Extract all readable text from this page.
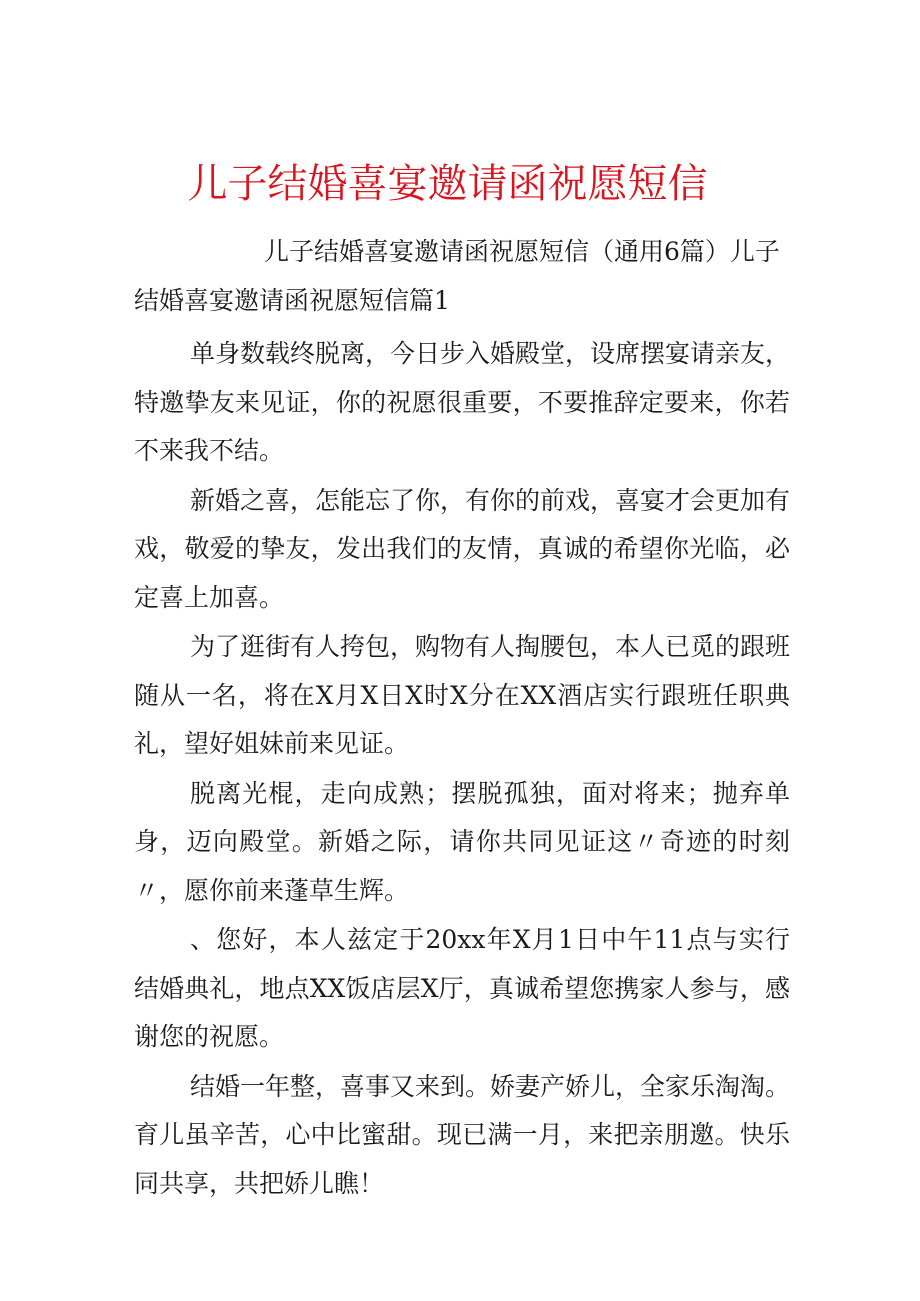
儿子结婚喜宴邀请函祝愿短信

儿子结婚喜宴邀请函祝愿短信（通用6篇）儿子结婚喜宴邀请函祝愿短信篇1

单身数载终脱离，今日步入婚殿堂，设席摆宴请亲友，特邀挚友来见证，你的祝愿很重要，不要推辞定要来，你若不来我不结。

新婚之喜，怎能忘了你，有你的前戏，喜宴才会更加有戏，敬爱的挚友，发出我们的友情，真诚的希望你光临，必定喜上加喜。

为了逛街有人挎包，购物有人掏腰包，本人已觅的跟班随从一名，将在X月X日X时X分在XX酒店实行跟班任职典礼，望好姐妹前来见证。

脱离光棍，走向成熟；摆脱孤独，面对将来；抛弃单身，迈向殿堂。新婚之际，请你共同见证这〃奇迹的时刻〃，愿你前来蓬草生辉。

、您好，本人兹定于20xx年X月1日中午11点与实行结婚典礼，地点XX饭店层X厅，真诚希望您携家人参与，感谢您的祝愿。

结婚一年整，喜事又来到。娇妻产娇儿，全家乐淘淘。育儿虽辛苦，心中比蜜甜。现已满一月，来把亲朋邀。快乐同共享，共把娇儿瞧！
